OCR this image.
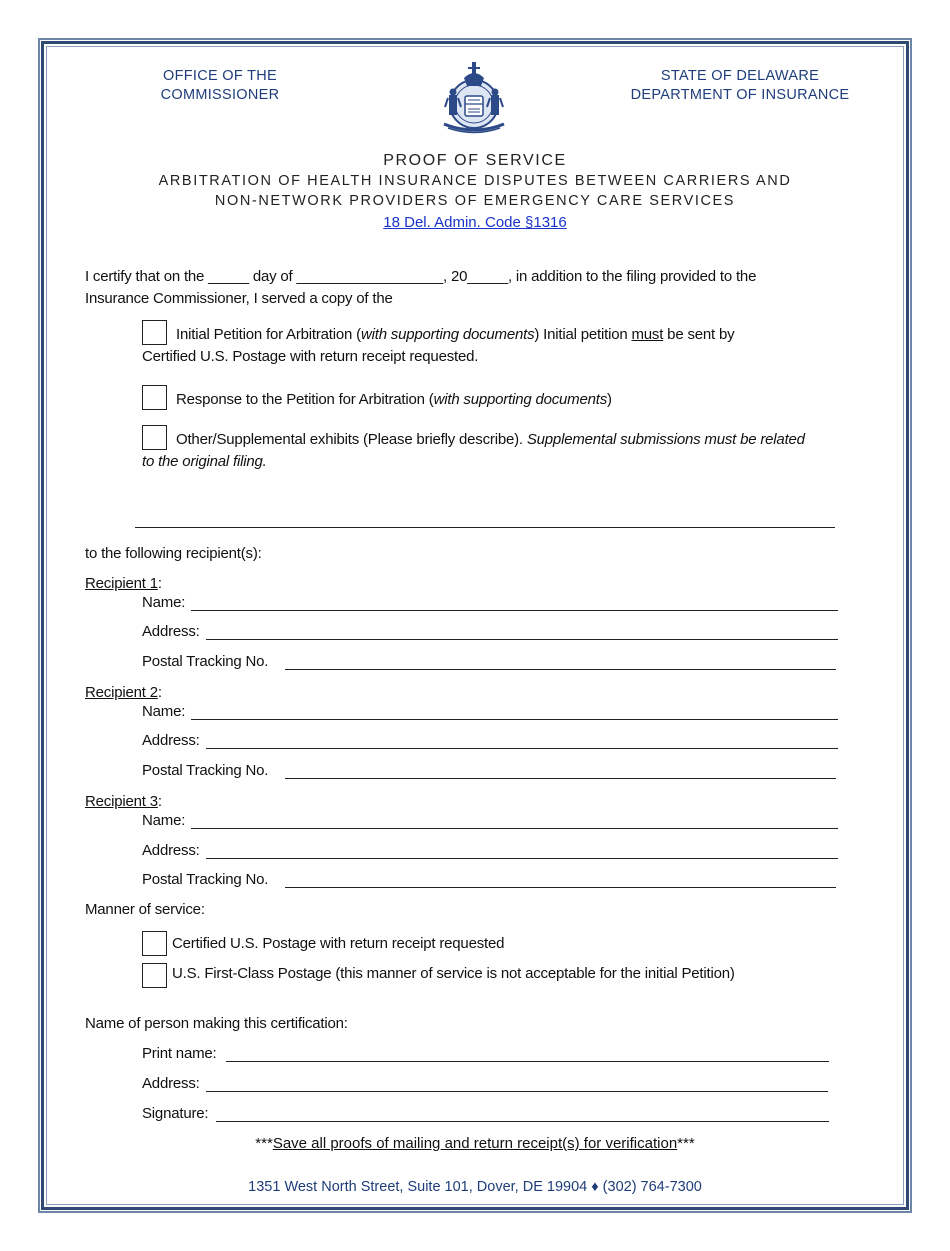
OFFICE OF THE
COMMISSIONER
STATE OF DELAWARE
DEPARTMENT OF INSURANCE
PROOF OF SERVICE
ARBITRATION OF HEALTH INSURANCE DISPUTES BETWEEN CARRIERS AND
NON-NETWORK PROVIDERS OF EMERGENCY CARE SERVICES
18 Del. Admin. Code §1316
I certify that on the _____ day of __________________, 20_____, in addition to the filing provided to the
Insurance Commissioner, I served a copy of the
Initial Petition for Arbitration (with supporting documents) Initial petition must be sent by
Certified U.S. Postage with return receipt requested.
Response to the Petition for Arbitration (with supporting documents)
Other/Supplemental exhibits (Please briefly describe). Supplemental submissions must be related
to the original filing.
to the following recipient(s):
Recipient 1:
Name:
Address:
Postal Tracking No.
Recipient 2:
Name:
Address:
Postal Tracking No.
Recipient 3:
Name:
Address:
Postal Tracking No.
Manner of service:
Certified U.S. Postage with return receipt requested
U.S. First-Class Postage (this manner of service is not acceptable for the initial Petition)
Name of person making this certification:
Print name:
Address:
Signature:
***Save all proofs of mailing and return receipt(s) for verification***
1351 West North Street, Suite 101, Dover, DE 19904 ♦ (302) 764-7300
